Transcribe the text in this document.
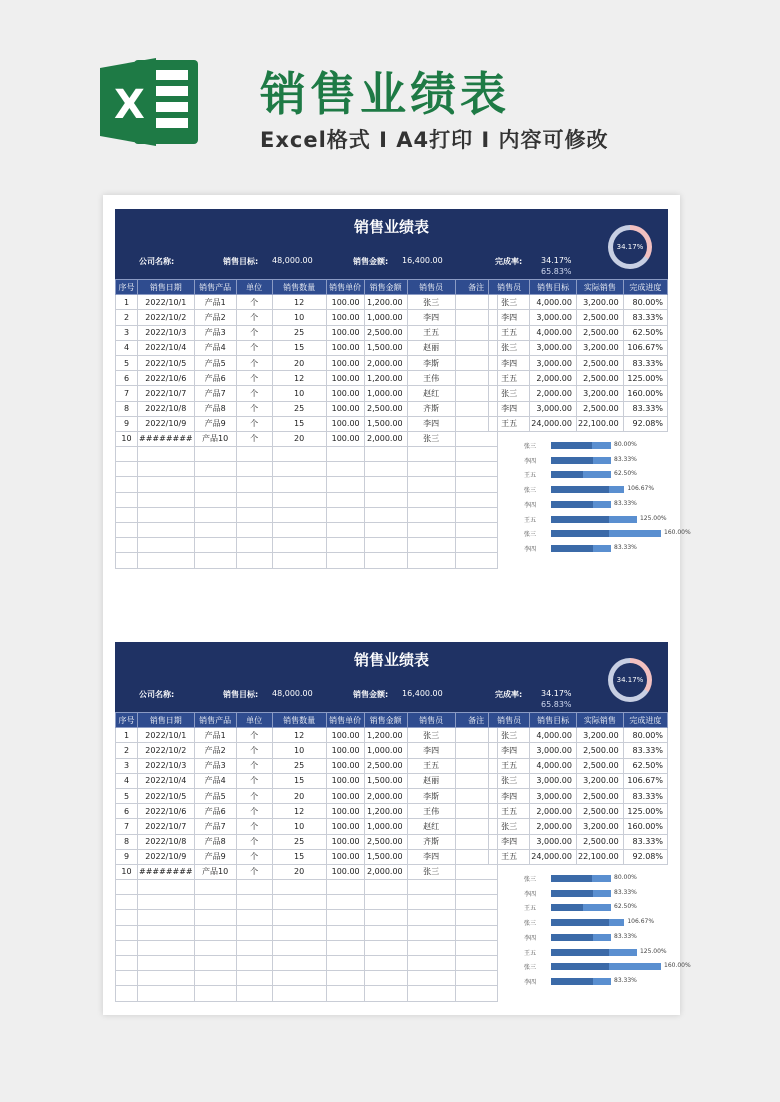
X	销售业绩表
Excel格式 I A4打印 I 内容可修改
销售业绩表
公司名称:	销售目标: 48,000.00	销售金额: 16,400.00	完成率: 34.17%
65.83%
34.17%
序号	销售日期	销售产品	单位	销售数量	销售单价	销售金额	销售员	备注
1	2022/10/1	产品1	个	12	100.00	1,200.00	张三	
2	2022/10/2	产品2	个	10	100.00	1,000.00	李四	
3	2022/10/3	产品3	个	25	100.00	2,500.00	王五	
4	2022/10/4	产品4	个	15	100.00	1,500.00	赵丽	
5	2022/10/5	产品5	个	20	100.00	2,000.00	李斯	
6	2022/10/6	产品6	个	12	100.00	1,200.00	王伟	
7	2022/10/7	产品7	个	10	100.00	1,000.00	赵红	
8	2022/10/8	产品8	个	25	100.00	2,500.00	齐斯	
9	2022/10/9	产品9	个	15	100.00	1,500.00	李四	
10	########	产品10	个	20	100.00	2,000.00	张三	

销售员	销售目标	实际销售	完成进度
张三	4,000.00	3,200.00	80.00%
李四	3,000.00	2,500.00	83.33%
王五	4,000.00	2,500.00	62.50%
张三	3,000.00	3,200.00	106.67%
李四	3,000.00	2,500.00	83.33%
王五	2,000.00	2,500.00	125.00%
张三	2,000.00	3,200.00	160.00%
李四	3,000.00	2,500.00	83.33%
王五	24,000.00	22,100.00	92.08%
张三	80.00%
李四	83.33%
王五	62.50%
张三	106.67%
李四	83.33%
王五	125.00%
张三	160.00%
李四	83.33%
销售业绩表
公司名称:	销售目标: 48,000.00	销售金额: 16,400.00	完成率: 34.17%
65.83%
34.17%
序号	销售日期	销售产品	单位	销售数量	销售单价	销售金额	销售员	备注
1	2022/10/1	产品1	个	12	100.00	1,200.00	张三	
2	2022/10/2	产品2	个	10	100.00	1,000.00	李四	
3	2022/10/3	产品3	个	25	100.00	2,500.00	王五	
4	2022/10/4	产品4	个	15	100.00	1,500.00	赵丽	
5	2022/10/5	产品5	个	20	100.00	2,000.00	李斯	
6	2022/10/6	产品6	个	12	100.00	1,200.00	王伟	
7	2022/10/7	产品7	个	10	100.00	1,000.00	赵红	
8	2022/10/8	产品8	个	25	100.00	2,500.00	齐斯	
9	2022/10/9	产品9	个	15	100.00	1,500.00	李四	
10	########	产品10	个	20	100.00	2,000.00	张三	

销售员	销售目标	实际销售	完成进度
张三	4,000.00	3,200.00	80.00%
李四	3,000.00	2,500.00	83.33%
王五	4,000.00	2,500.00	62.50%
张三	3,000.00	3,200.00	106.67%
李四	3,000.00	2,500.00	83.33%
王五	2,000.00	2,500.00	125.00%
张三	2,000.00	3,200.00	160.00%
李四	3,000.00	2,500.00	83.33%
王五	24,000.00	22,100.00	92.08%
张三	80.00%
李四	83.33%
王五	62.50%
张三	106.67%
李四	83.33%
王五	125.00%
张三	160.00%
李四	83.33%
